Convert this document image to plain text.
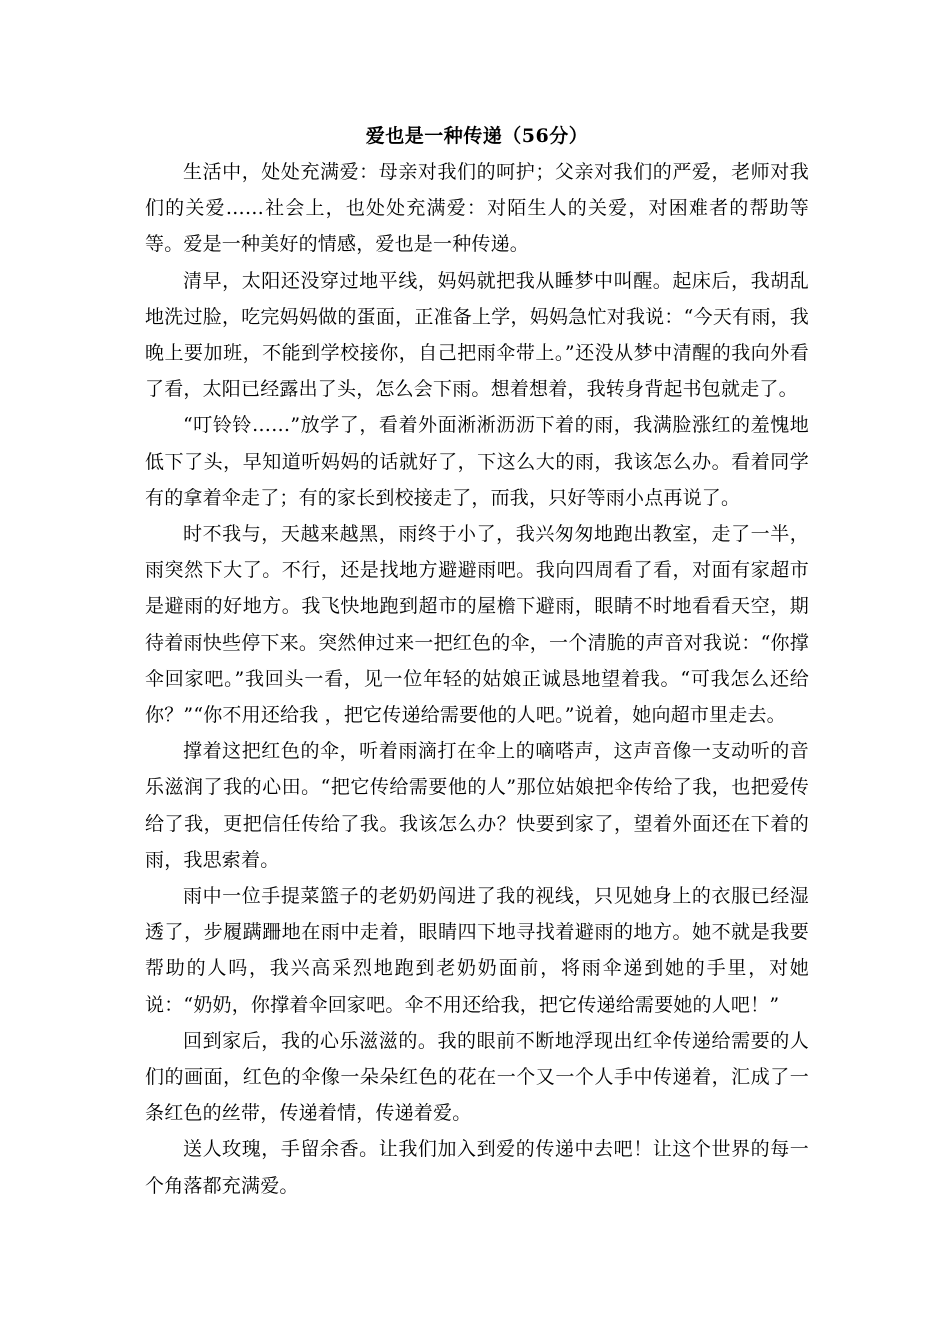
爱也是一种传递（56分）

生活中，处处充满爱：母亲对我们的呵护；父亲对我们的严爱，老师对我们的关爱……社会上，也处处充满爱：对陌生人的关爱，对困难者的帮助等等。爱是一种美好的情感，爱也是一种传递。

清早，太阳还没穿过地平线，妈妈就把我从睡梦中叫醒。起床后，我胡乱地洗过脸，吃完妈妈做的蛋面，正准备上学，妈妈急忙对我说：“今天有雨，我晚上要加班，不能到学校接你，自己把雨伞带上。”还没从梦中清醒的我向外看了看，太阳已经露出了头，怎么会下雨。想着想着，我转身背起书包就走了。

“叮铃铃……”放学了，看着外面淅淅沥沥下着的雨，我满脸涨红的羞愧地低下了头，早知道听妈妈的话就好了，下这么大的雨，我该怎么办。看着同学有的拿着伞走了；有的家长到校接走了，而我，只好等雨小点再说了。

时不我与，天越来越黑，雨终于小了，我兴匆匆地跑出教室，走了一半，雨突然下大了。不行，还是找地方避避雨吧。我向四周看了看，对面有家超市是避雨的好地方。我飞快地跑到超市的屋檐下避雨，眼睛不时地看看天空，期待着雨快些停下来。突然伸过来一把红色的伞，一个清脆的声音对我说：“你撑伞回家吧。”我回头一看，见一位年轻的姑娘正诚恳地望着我。“可我怎么还给你？”“你不用还给我 ，把它传递给需要他的人吧。”说着，她向超市里走去。

撑着这把红色的伞，听着雨滴打在伞上的嘀嗒声，这声音像一支动听的音乐滋润了我的心田。“把它传给需要他的人”那位姑娘把伞传给了我，也把爱传给了我，更把信任传给了我。我该怎么办？快要到家了，望着外面还在下着的雨，我思索着。

雨中一位手提菜篮子的老奶奶闯进了我的视线，只见她身上的衣服已经湿透了，步履蹒跚地在雨中走着，眼睛四下地寻找着避雨的地方。她不就是我要帮助的人吗，我兴高采烈地跑到老奶奶面前，将雨伞递到她的手里，对她说：“奶奶，你撑着伞回家吧。伞不用还给我，把它传递给需要她的人吧！”

回到家后，我的心乐滋滋的。我的眼前不断地浮现出红伞传递给需要的人们的画面，红色的伞像一朵朵红色的花在一个又一个人手中传递着，汇成了一条红色的丝带，传递着情，传递着爱。

送人玫瑰，手留余香。让我们加入到爱的传递中去吧！让这个世界的每一个角落都充满爱。
